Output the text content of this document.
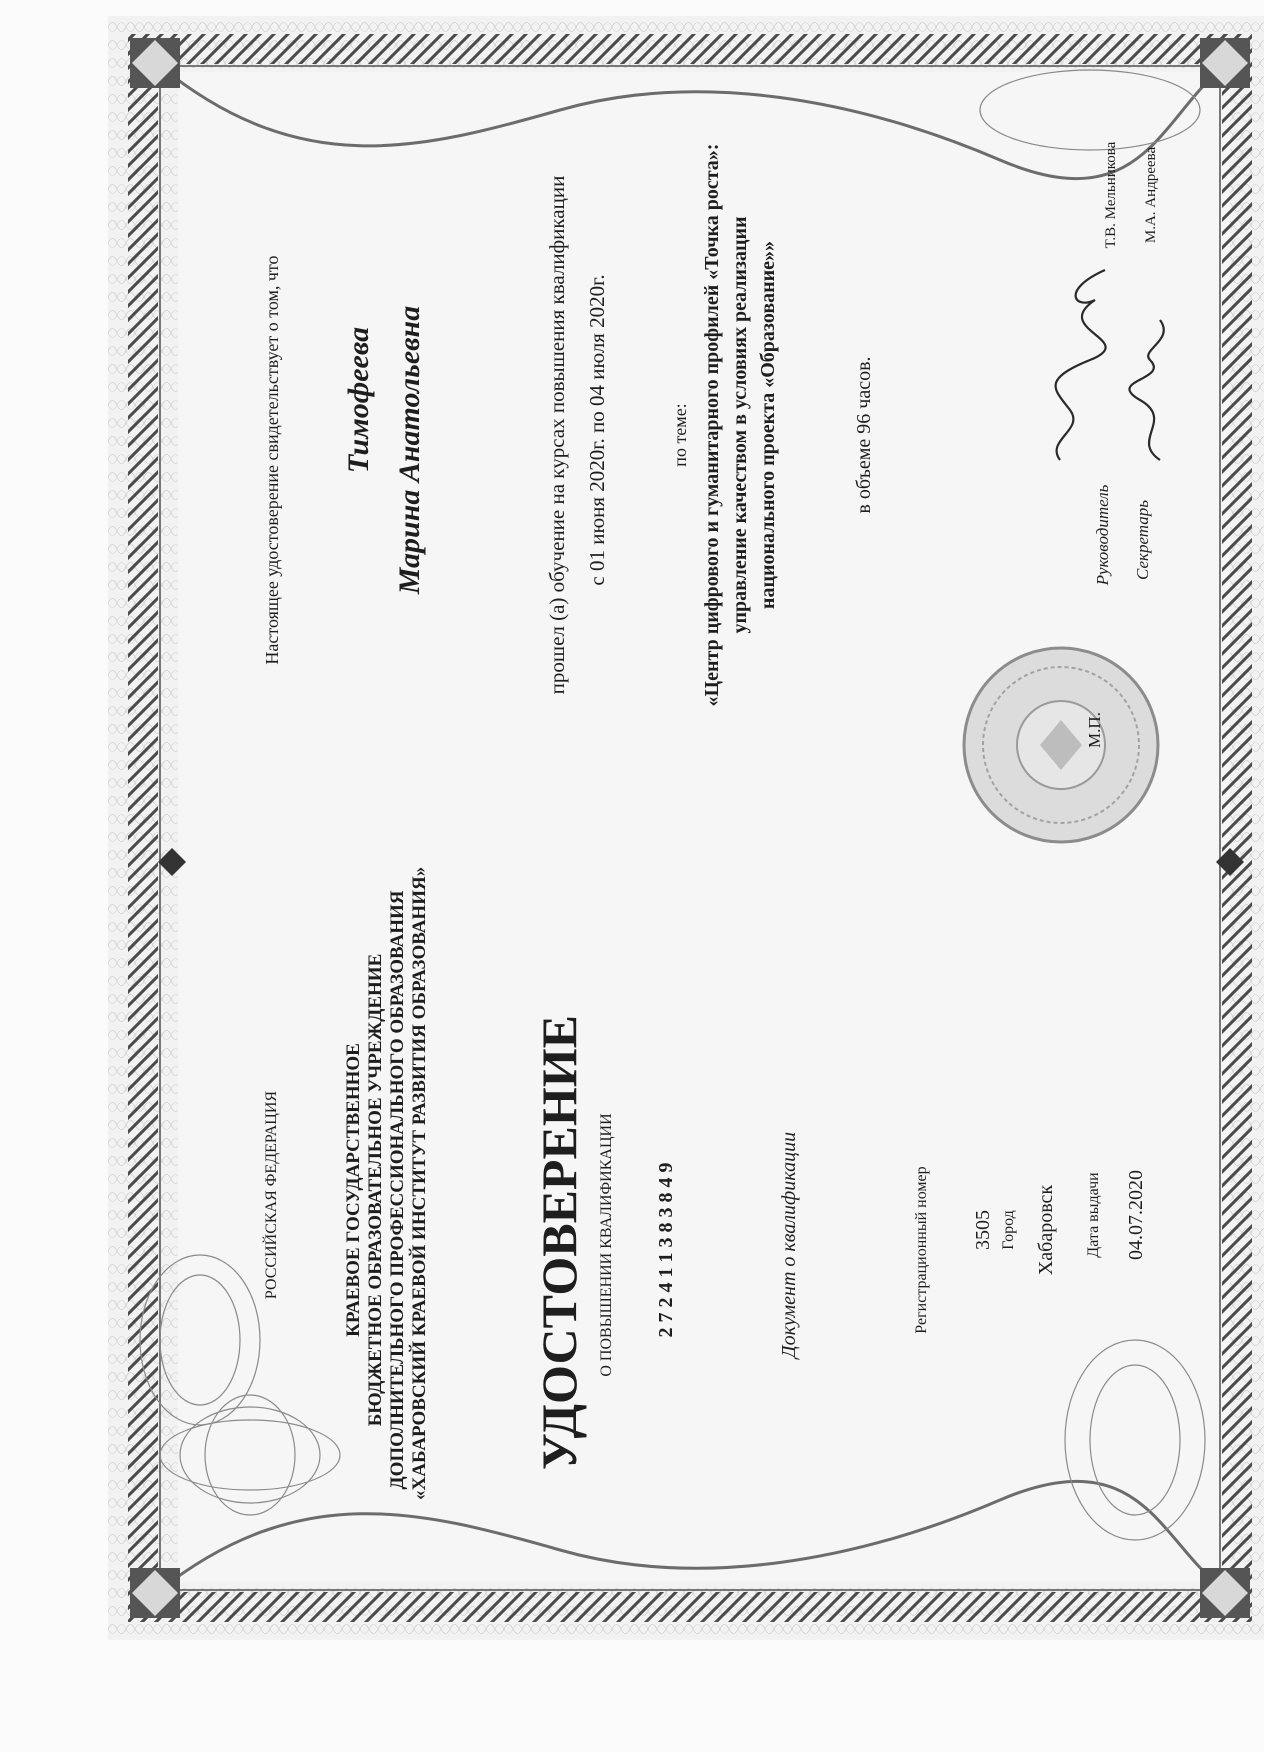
РОССИЙСКАЯ ФЕДЕРАЦИЯ	КРАЕВОЕ ГОСУДАРСТВЕННОЕ БЮДЖЕТНОЕ ОБРАЗОВАТЕЛЬНОЕ УЧРЕЖДЕНИЕ ДОПОЛНИТЕЛЬНОГО ПРОФЕССИОНАЛЬНОГО ОБРАЗОВАНИЯ «ХАБАРОВСКИЙ КРАЕВОЙ ИНСТИТУТ РАЗВИТИЯ ОБРАЗОВАНИЯ» УДОСТОВЕРЕНИЕ О ПОВЫШЕНИИ КВАЛИФИКАЦИИ 2 7 2 4 1 1 3 8 3 8 4 9	Документ о квалификации	Регистрационный номер 3505 Город Хабаровск Дата выдачи 04.07.2020
Настоящее удостоверение свидетельствует о том, что Тимофеева Марина Анатольевна	прошел (а) обучение на курсах повышения квалификации с 01 июня 2020г. по 04 июля 2020г.	по теме: «Центр цифрового и гуманитарного профилей «Точка роста»: управление качеством в условиях реализации национального проекта «Образование»»	в объеме 96 часов.
М.П.
Руководитель Секретарь
Т.В. Мельникова М.А. Андреева
